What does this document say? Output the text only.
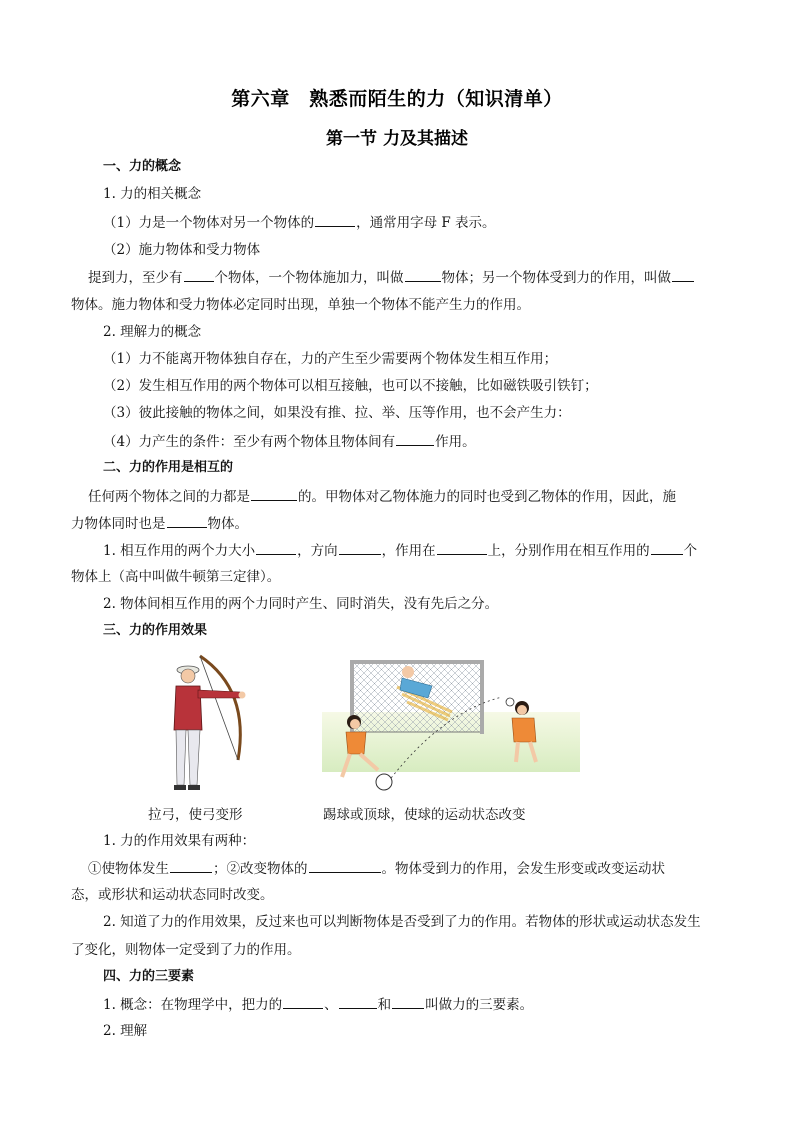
第六章　熟悉而陌生的力（知识清单）
第一节 力及其描述
一、力的概念
1. 力的相关概念
（1）力是一个物体对另一个物体的	，通常用字母 F 表示。
（2）施力物体和受力物体
提到力，至少有 个物体，一个物体施加力，叫做	物体；另一个物体受到力的作用，叫做
物体。施力物体和受力物体必定同时出现，单独一个物体不能产生力的作用。
2. 理解力的概念
（1）力不能离开物体独自存在，力的产生至少需要两个物体发生相互作用；
（2）发生相互作用的两个物体可以相互接触，也可以不接触，比如磁铁吸引铁钉；
（3）彼此接触的物体之间，如果没有推、拉、举、压等作用，也不会产生力：
（4）力产生的条件：至少有两个物体且物体间有	作用。
二、力的作用是相互的
任何两个物体之间的力都是	的。甲物体对乙物体施力的同时也受到乙物体的作用，因此，施
力物体同时也是	物体。
1. 相互作用的两个力大小	，方向	，作用在	上，分别作用在相互作用的	个
物体上（高中叫做牛顿第三定律）。
2. 物体间相互作用的两个力同时产生、同时消失，没有先后之分。
三、力的作用效果
拉弓，使弓变形	踢球或顶球，使球的运动状态改变
1. 力的作用效果有两种：
①使物体发生	；②改变物体的	。物体受到力的作用，会发生形变或改变运动状
态，或形状和运动状态同时改变。
2. 知道了力的作用效果，反过来也可以判断物体是否受到了力的作用。若物体的形状或运动状态发生
了变化，则物体一定受到了力的作用。
四、力的三要素
1. 概念：在物理学中，把力的	、	和	叫做力的三要素。
2. 理解
